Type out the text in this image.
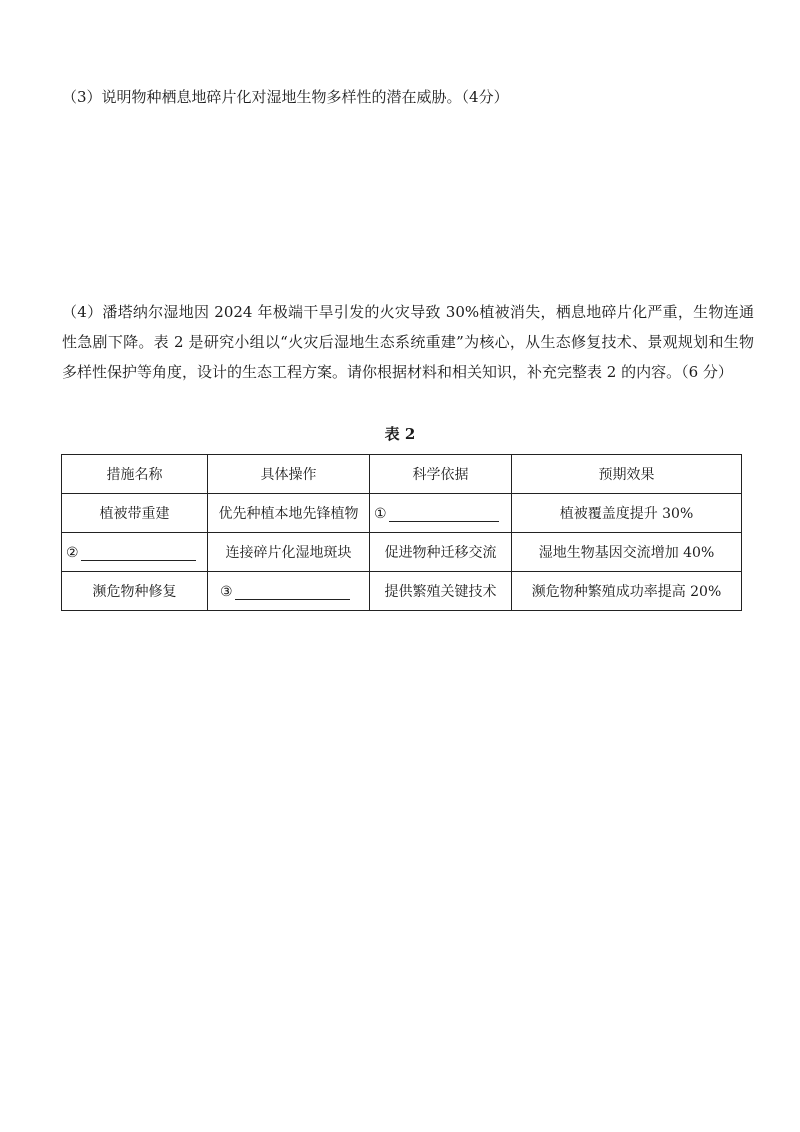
（3）说明物种栖息地碎片化对湿地生物多样性的潜在威胁。（4分）

（4）潘塔纳尔湿地因 2024 年极端干旱引发的火灾导致 30%植被消失，栖息地碎片化严重，生物连通性急剧下降。表 2 是研究小组以“火灾后湿地生态系统重建”为核心，从生态修复技术、景观规划和生物多样性保护等角度，设计的生态工程方案。请你根据材料和相关知识，补充完整表 2 的内容。（6 分）

表 2
措施名称	具体操作	科学依据	预期效果
植被带重建	优先种植本地先锋植物	①	植被覆盖度提升 30%
②	连接碎片化湿地斑块	促进物种迁移交流	湿地生物基因交流增加 40%
濒危物种修复	③	提供繁殖关键技术	濒危物种繁殖成功率提高 20%
